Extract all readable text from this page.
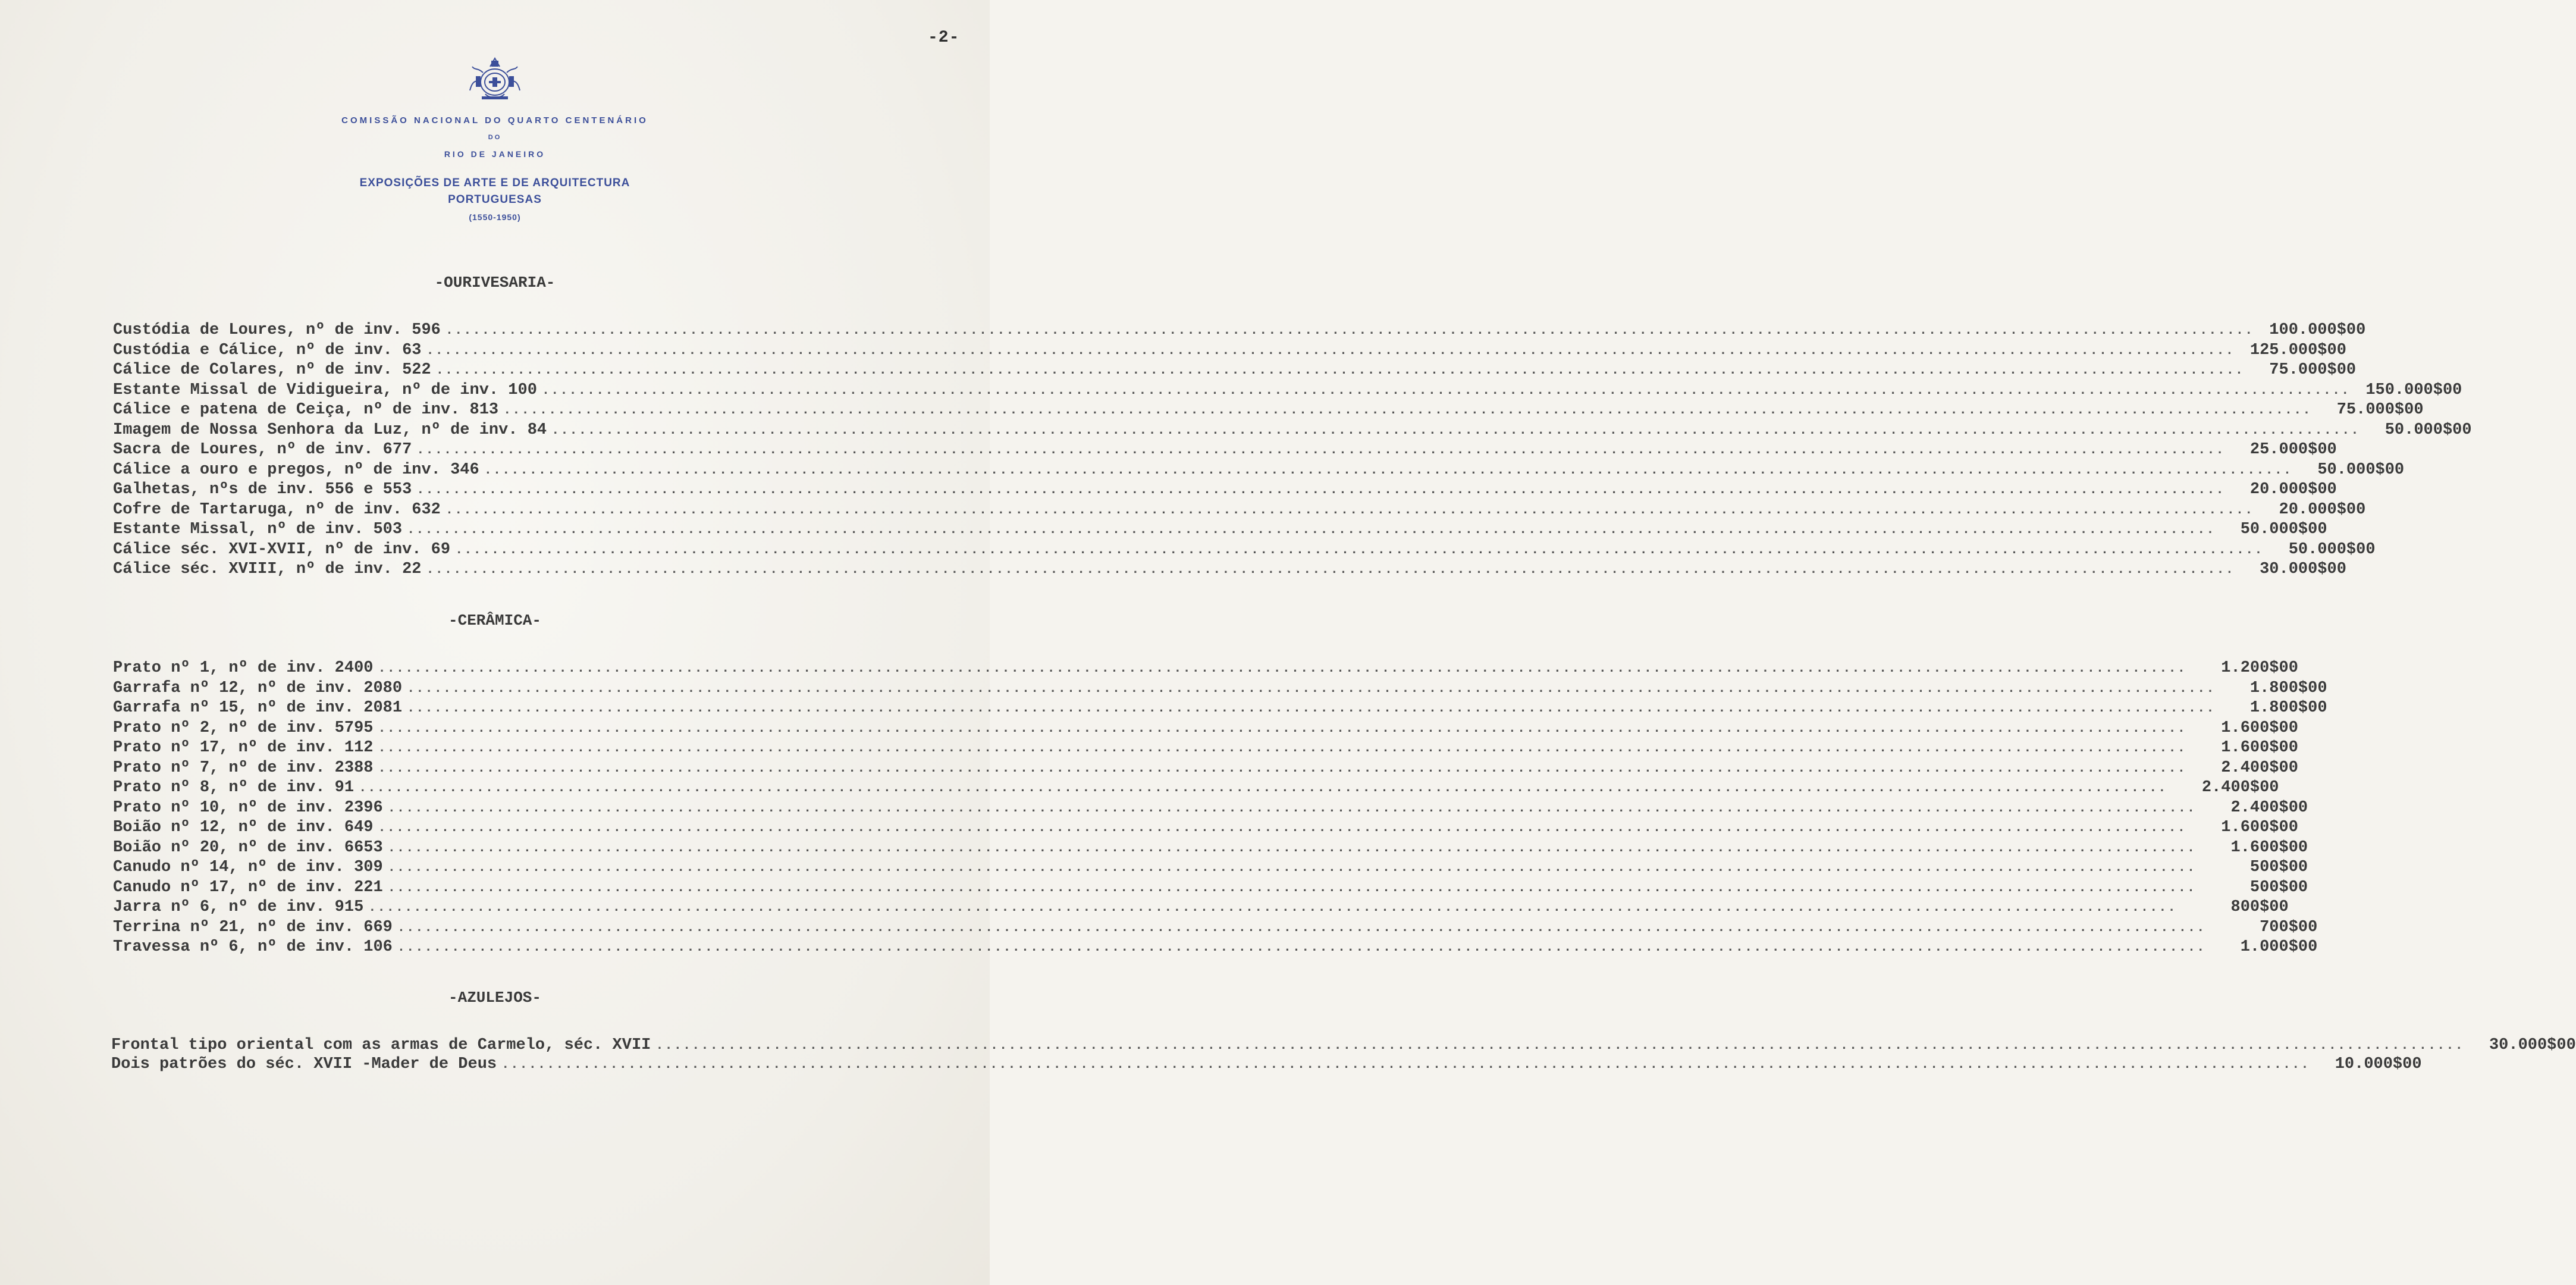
-2-
COMISSÃO NACIONAL DO QUARTO CENTENÁRIO
DO
RIO DE JANEIRO
EXPOSIÇÕES DE ARTE E DE ARQUITECTURA
PORTUGUESAS
(1550-1950)
-OURIVESARIA-
Custódia de Loures, nº de inv. 596 ........................................................................................................................................................................................................ 100.000$00
Custódia e Cálice, nº de inv. 63 ........................................................................................................................................................................................................ 125.000$00
Cálice de Colares, nº de inv. 522 ........................................................................................................................................................................................................	75.000$00
Estante Missal de Vidigueira, nº de inv. 100 ........................................................................................................................................................................................................ 150.000$00
Cálice e patena de Ceiça, nº de inv. 813 ........................................................................................................................................................................................................	75.000$00
Imagem de Nossa Senhora da Luz, nº de inv. 84 ........................................................................................................................................................................................................	50.000$00
Sacra de Loures, nº de inv. 677 ........................................................................................................................................................................................................	25.000$00
Cálice a ouro e pregos, nº de inv. 346 ........................................................................................................................................................................................................	50.000$00
Galhetas, nºs de inv. 556 e 553 ........................................................................................................................................................................................................	20.000$00
Cofre de Tartaruga, nº de inv. 632 ........................................................................................................................................................................................................	20.000$00
Estante Missal, nº de inv. 503 ........................................................................................................................................................................................................	50.000$00
Cálice séc. XVI-XVII, nº de inv. 69 ........................................................................................................................................................................................................	50.000$00
Cálice séc. XVIII, nº de inv. 22 ........................................................................................................................................................................................................	30.000$00
-CERÂMICA-
Prato nº 1, nº de inv. 2400 ........................................................................................................................................................................................................	1.200$00
Garrafa nº 12, nº de inv. 2080 ........................................................................................................................................................................................................	1.800$00
Garrafa nº 15, nº de inv. 2081 ........................................................................................................................................................................................................	1.800$00
Prato nº 2, nº de inv. 5795 ........................................................................................................................................................................................................	1.600$00
Prato nº 17, nº de inv. 112 ........................................................................................................................................................................................................	1.600$00
Prato nº 7, nº de inv. 2388 ........................................................................................................................................................................................................	2.400$00
Prato nº 8, nº de inv. 91 ........................................................................................................................................................................................................	2.400$00
Prato nº 10, nº de inv. 2396 ........................................................................................................................................................................................................	2.400$00
Boião nº 12, nº de inv. 649 ........................................................................................................................................................................................................	1.600$00
Boião nº 20, nº de inv. 6653 ........................................................................................................................................................................................................	1.600$00
Canudo nº 14, nº de inv. 309 ........................................................................................................................................................................................................	500$00
Canudo nº 17, nº de inv. 221 ........................................................................................................................................................................................................	500$00
Jarra nº 6, nº de inv. 915 ........................................................................................................................................................................................................	800$00
Terrina nº 21, nº de inv. 669 ........................................................................................................................................................................................................	700$00
Travessa nº 6, nº de inv. 106 ........................................................................................................................................................................................................	1.000$00
-AZULEJOS-
Frontal tipo oriental com as armas de Carmelo, séc. XVII ........................................................................................................................................................................................................	30.000$00
Dois patrões do séc. XVII -Mader de Deus ........................................................................................................................................................................................................	10.000$00
